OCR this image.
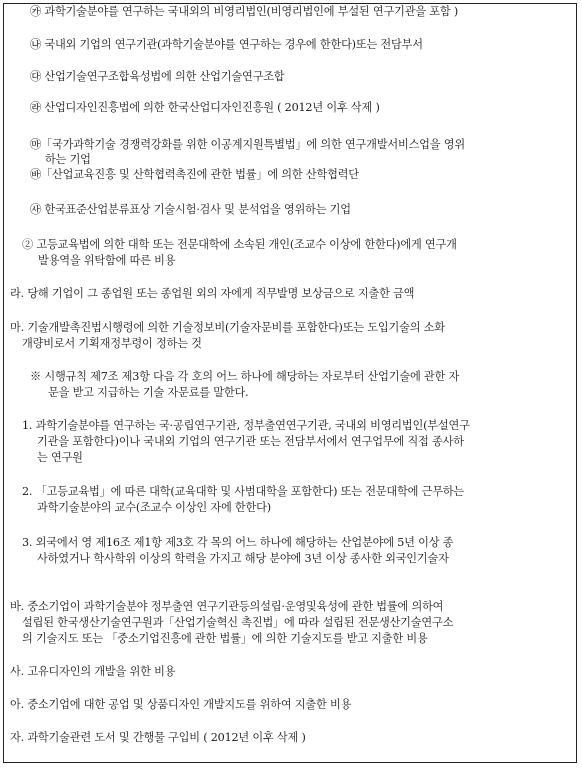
㉮ 과학기술분야를 연구하는 국내외의 비영리법인(비영리법인에 부설된 연구기관을 포함 )
㉯ 국내외 기업의 연구기관(과학기술분야를 연구하는 경우에 한한다)또는 전담부서
㉰ 산업기술연구조합육성법에 의한 산업기술연구조합
㉱ 산업디자인진흥법에 의한 한국산업디자인진흥원 ( 2012년 이후 삭제 )
㉲「국가과학기술 경쟁력강화를 위한 이공계지원특별법」에 의한 연구개발서비스업을 영위
하는 기업
㉳「산업교육진흥 및 산학협력촉진에 관한 법률」에 의한 산학협력단
㉴ 한국표준산업분류표상 기술시험·검사 및 분석업을 영위하는 기업
② 고등교육법에 의한 대학 또는 전문대학에 소속된 개인(조교수 이상에 한한다)에게 연구개
발용역을 위탁함에 따른 비용
라. 당해 기업이 그 종업원 또는 종업원 외의 자에게 직무발명 보상금으로 지출한 금액
마. 기술개발촉진법시행령에 의한 기술정보비(기술자문비를 포함한다)또는 도입기술의 소화
개량비로서 기획재정부령이 정하는 것
※ 시행규칙 제7조 제3항 다음 각 호의 어느 하나에 해당하는 자로부터 산업기술에 관한 자
문을 받고 지급하는 기술 자문료를 말한다.
1. 과학기술분야를 연구하는 국·공립연구기관, 정부출연연구기관, 국내외 비영리법인(부설연구
기관을 포함한다)이나 국내외 기업의 연구기관 또는 전담부서에서 연구업무에 직접 종사하
는 연구원
2. 「고등교육법」에 따른 대학(교육대학 및 사범대학을 포함한다) 또는 전문대학에 근무하는
과학기술분야의 교수(조교수 이상인 자에 한한다)
3. 외국에서 영 제16조 제1항 제3호 각 목의 어느 하나에 해당하는 산업분야에 5년 이상 종
사하였거나 학사학위 이상의 학력을 가지고 해당 분야에 3년 이상 종사한 외국인기술자
바. 중소기업이 과학기술분야 정부출연 연구기관등의설립·운영및육성에 관한 법률에 의하여
설립된 한국생산기술연구원과「산업기술혁신 촉진법」에 따라 설립된 전문생산기술연구소
의 기술지도 또는 「중소기업진흥에 관한 법률」에 의한 기술지도를 받고 지출한 비용
사. 고유디자인의 개발을 위한 비용
아. 중소기업에 대한 공업 및 상품디자인 개발지도를 위하여 지출한 비용
자. 과학기술관련 도서 및 간행물 구입비 ( 2012년 이후 삭제 )
